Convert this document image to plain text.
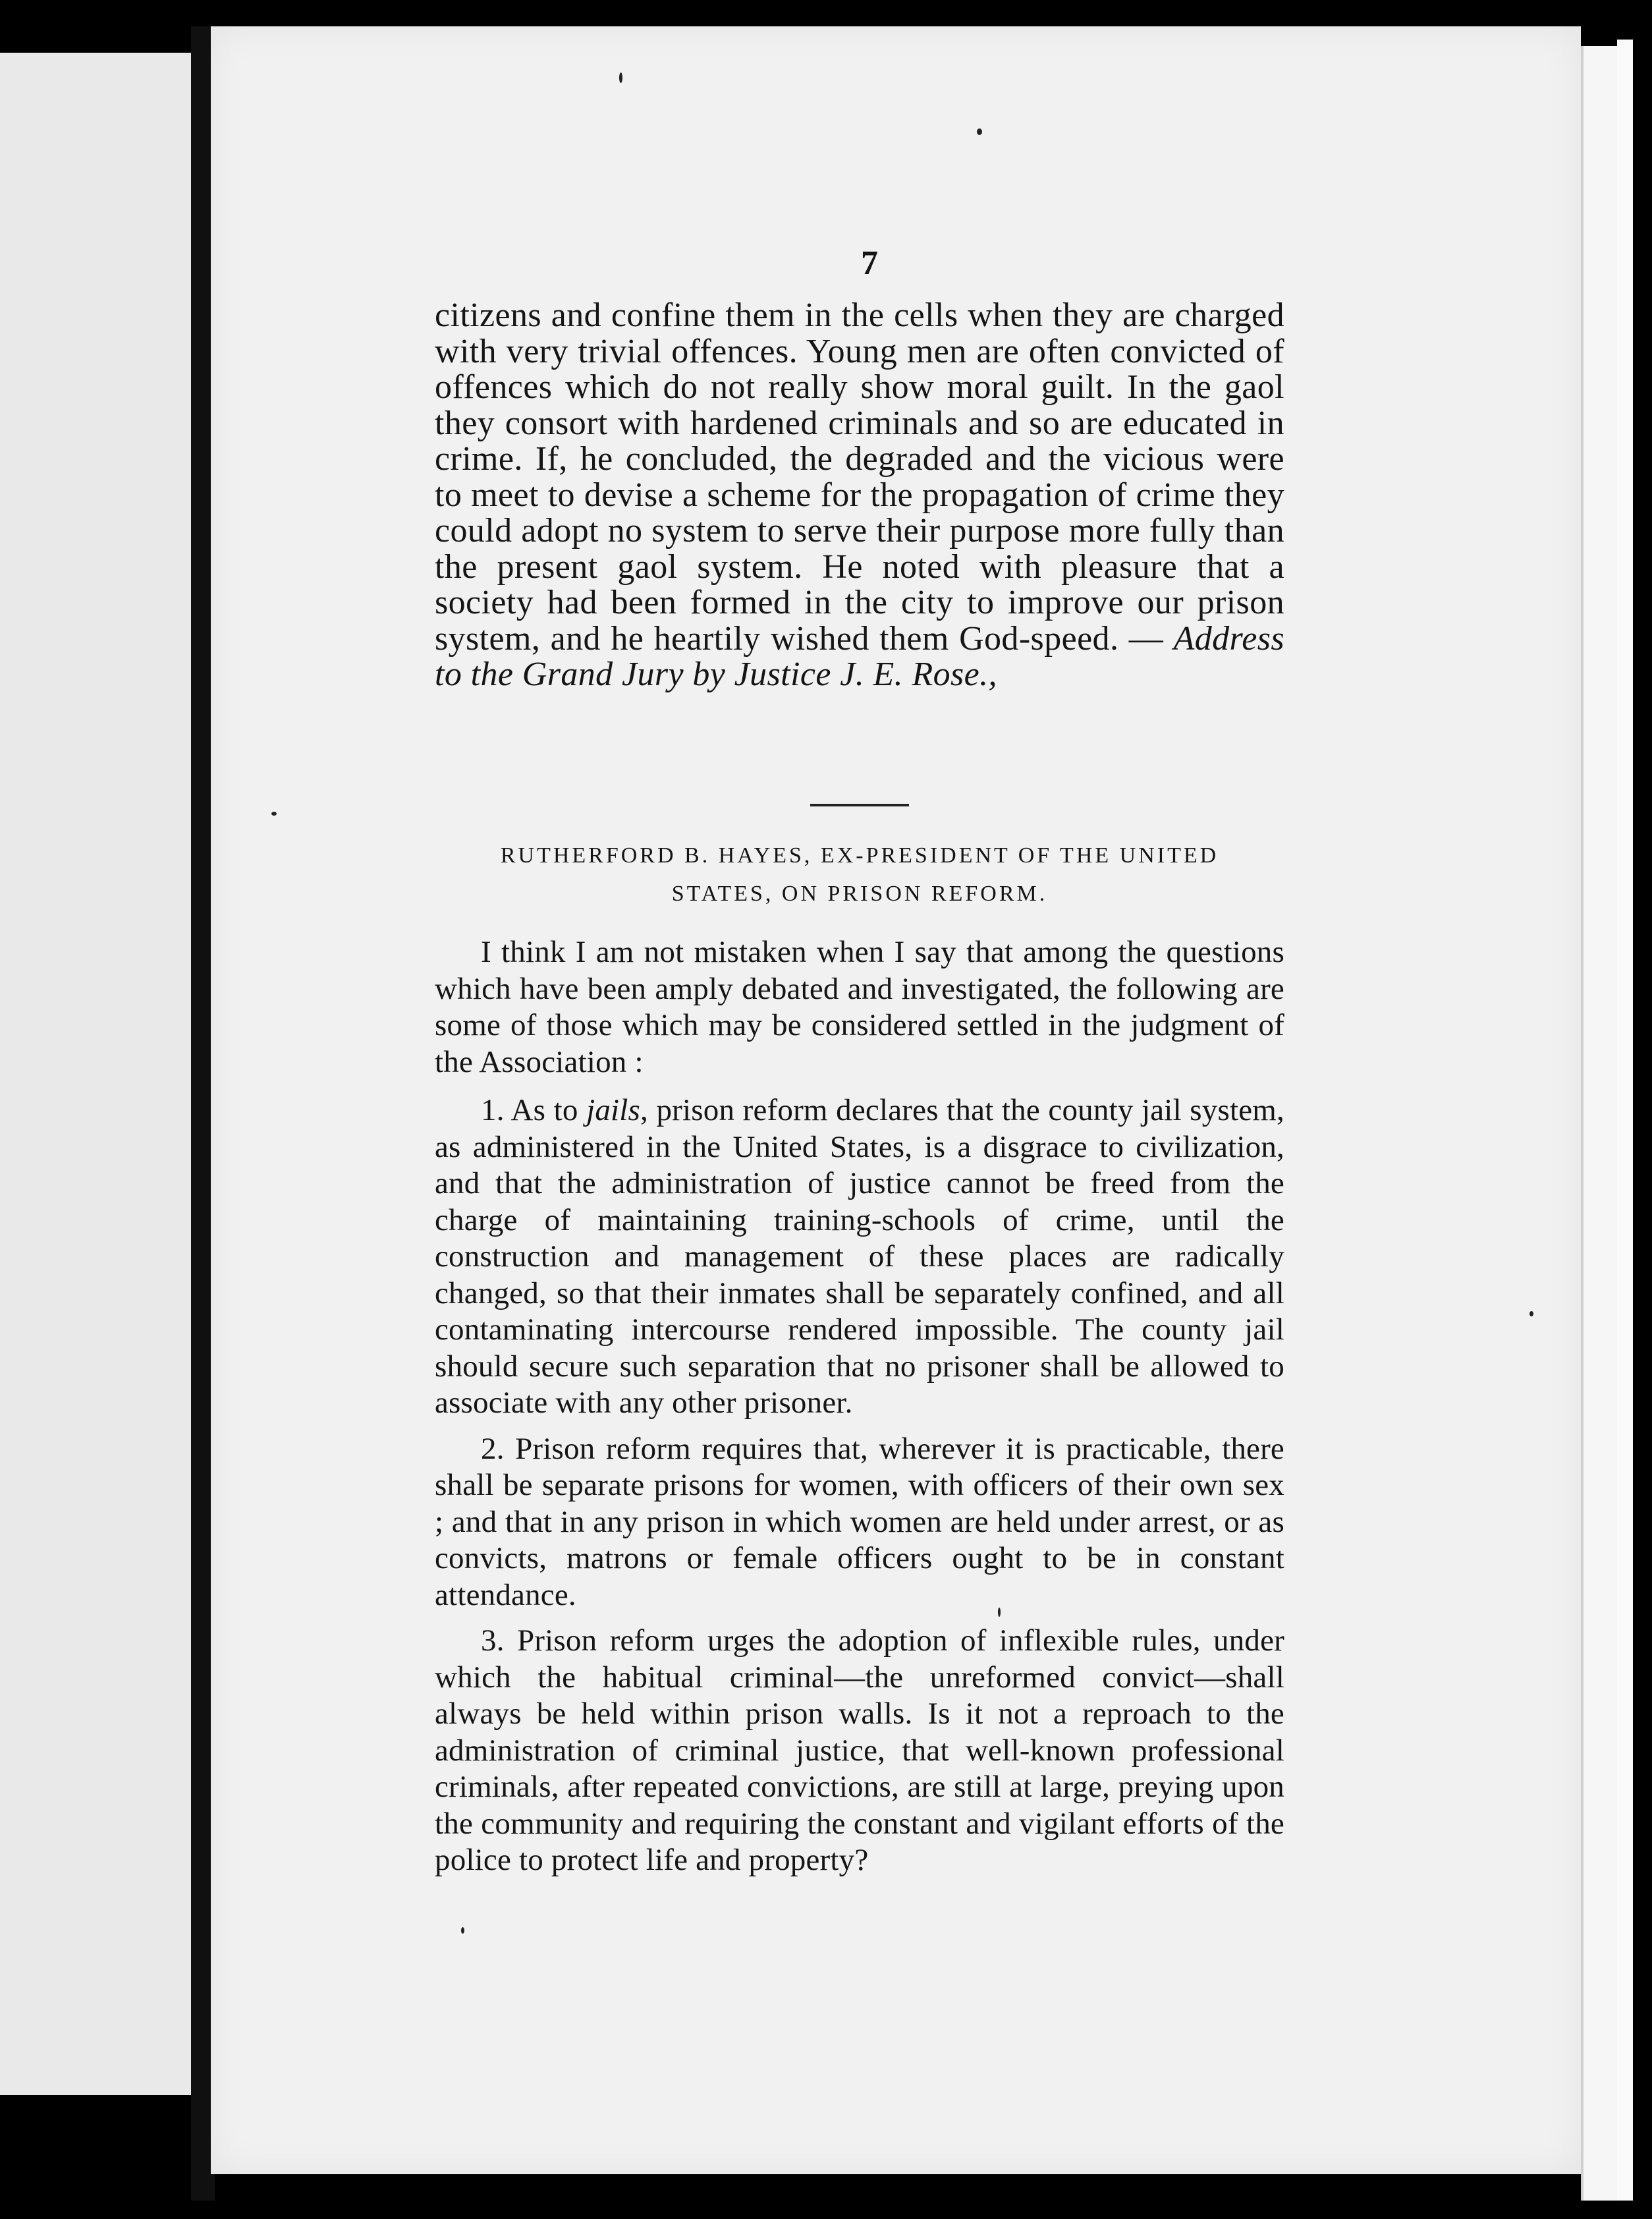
7
citizens and confine them in the cells when they are charged with very trivial offences. Young men are often convicted of offences which do not really show moral guilt. In the gaol they consort with hardened criminals and so are educated in crime. If, he concluded, the degraded and the vicious were to meet to devise a scheme for the propagation of crime they could adopt no system to serve their purpose more fully than the present gaol system. He noted with pleasure that a society had been formed in the city to improve our prison system, and he heartily wished them God-speed. — Address to the Grand Jury by Justice J. E. Rose.,
RUTHERFORD B. HAYES, EX-PRESIDENT OF THE UNITED
STATES, ON PRISON REFORM.

I think I am not mistaken when I say that among the questions which have been amply debated and investigated, the following are some of those which may be considered settled in the judgment of the Association :

1. As to jails, prison reform declares that the county jail system, as administered in the United States, is a disgrace to civilization, and that the administration of justice cannot be freed from the charge of maintaining training-schools of crime, until the construction and management of these places are radically changed, so that their inmates shall be separately confined, and all contaminating intercourse rendered impossible. The county jail should secure such separation that no prisoner shall be allowed to associate with any other prisoner.

2. Prison reform requires that, wherever it is practicable, there shall be separate prisons for women, with officers of their own sex ; and that in any prison in which women are held under arrest, or as convicts, matrons or female officers ought to be in constant attendance.

3. Prison reform urges the adoption of inflexible rules, under which the habitual criminal—the unreformed convict—shall always be held within prison walls. Is it not a reproach to the administration of criminal justice, that well-known professional criminals, after repeated convictions, are still at large, preying upon the community and requiring the constant and vigilant efforts of the police to protect life and property?
